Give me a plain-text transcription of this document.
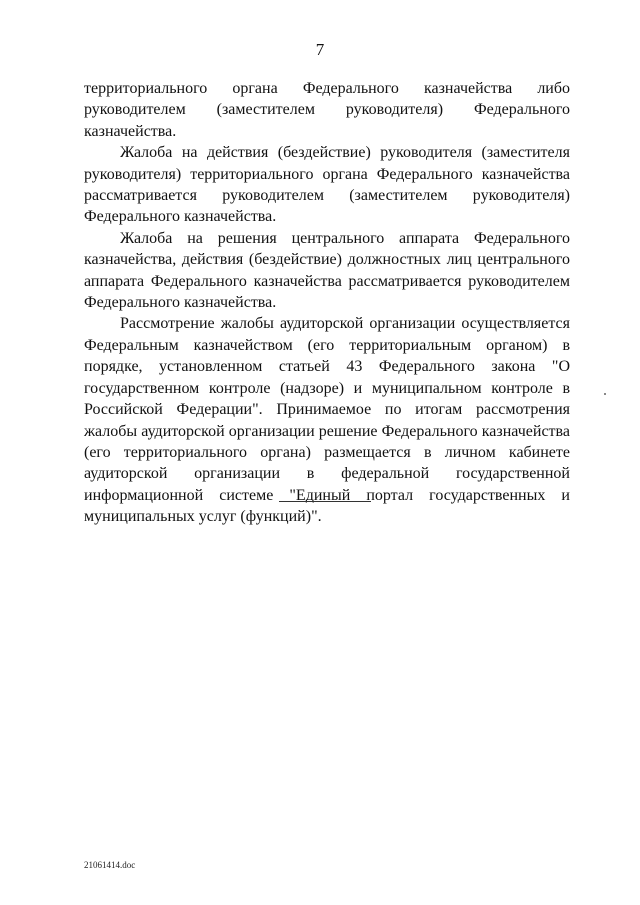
7

территориального органа Федерального казначейства либо руководителем (заместителем руководителя) Федерального казначейства.

Жалоба на действия (бездействие) руководителя (заместителя руководителя) территориального органа Федерального казначейства рассматривается руководителем (заместителем руководителя) Федерального казначейства.

Жалоба на решения центрального аппарата Федерального казначейства, действия (бездействие) должностных лиц центрального аппарата Федерального казначейства рассматривается руководителем Федерального казначейства.

Рассмотрение жалобы аудиторской организации осуществляется Федеральным казначейством (его территориальным органом) в порядке, установленном статьей 43 Федерального закона "О государственном контроле (надзоре) и муниципальном контроле в Российской Федерации". Принимаемое по итогам рассмотрения жалобы аудиторской организации решение Федерального казначейства (его территориального органа) размещается в личном кабинете аудиторской организации в федеральной государственной информационной системе "Единый портал государственных и муниципальных услуг (функций)".

21061414.doc
